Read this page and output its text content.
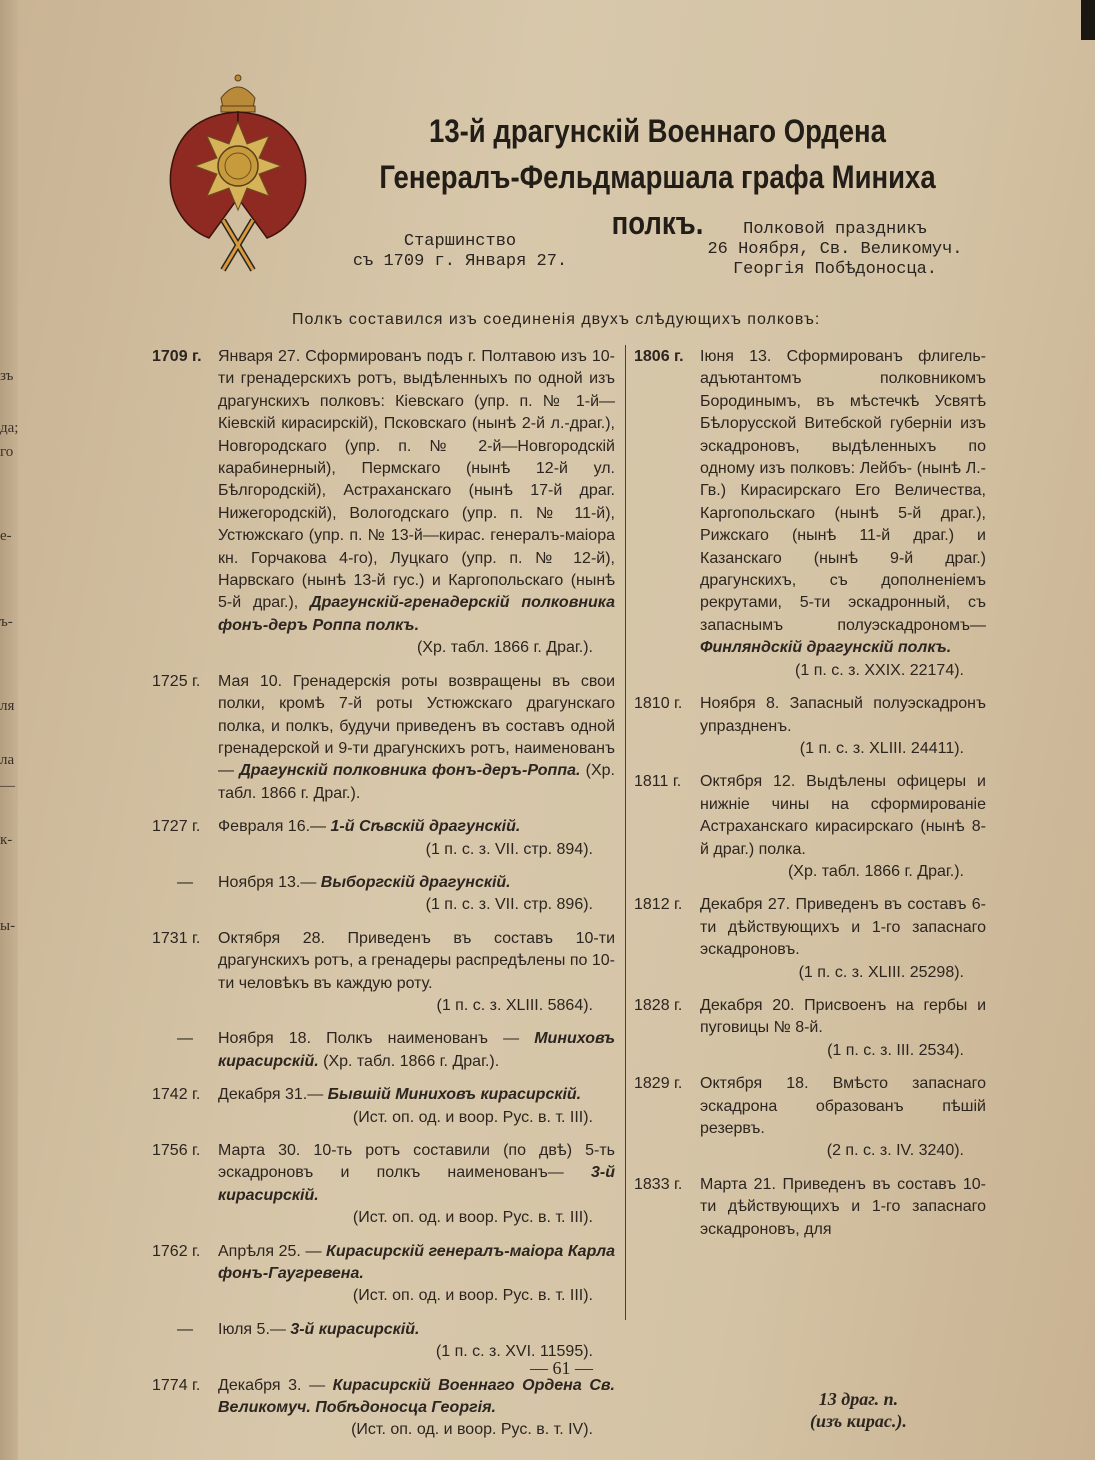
зъ
да;
го
е-
ъ-
ля
ла
—
к-
ы-
13-й драгунскій Военнаго Ордена Генералъ-Фельдмаршала графа Миниха полкъ.
Старшинство
съ 1709 г. Января 27.
Полковой праздникъ
26 Ноября, Св. Великомуч.
Георгія Побѣдоносца.
Полкъ составился изъ соединенія двухъ слѣдующихъ полковъ:
1709 г.	Января 27. Сформированъ подъ г. Полтавою изъ 10-ти гренадерскихъ ротъ, выдѣленныхъ по одной изъ драгунскихъ полковъ: Кіевскаго (упр. п. № 1-й—Кіевскій кирасирскій), Псковскаго (нынѣ 2-й л.-драг.), Новгородскаго (упр. п. № 2-й—Новгородскій карабинерный), Пермскаго (нынѣ 12-й ул. Бѣлгородскій), Астраханскаго (нынѣ 17-й драг. Нижегородскій), Вологодскаго (упр. п. № 11-й), Устюжскаго (упр. п. № 13-й—кирас. генералъ-маіора кн. Горчакова 4-го), Луцкаго (упр. п. № 12-й), Нарвскаго (нынѣ 13-й гус.) и Каргопольскаго (нынѣ 5-й драг.), Драгунскій-гренадерскій полковника фонъ-деръ Роппа полкъ.
(Хр. табл. 1866 г. Драг.).
1725 г.	Мая 10. Гренадерскія роты возвращены въ свои полки, кромѣ 7-й роты Устюжскаго драгунскаго полка, и полкъ, будучи приведенъ въ составъ одной гренадерской и 9-ти драгунскихъ ротъ, наименованъ — Драгунскій полковника фонъ-деръ-Роппа. (Хр. табл. 1866 г. Драг.).
1727 г.	Февраля 16.— 1-й Сѣвскій драгунскій.
(1 п. с. з. VII. стр. 894).
—	Ноября 13.— Выборгскій драгунскій.
(1 п. с. з. VII. стр. 896).
1731 г.	Октября 28. Приведенъ въ составъ 10-ти драгунскихъ ротъ, а гренадеры распредѣлены по 10-ти человѣкъ въ каждую роту.
(1 п. с. з. XLIII. 5864).
—	Ноября 18. Полкъ наименованъ — Миниховъ кирасирскій. (Хр. табл. 1866 г. Драг.).
1742 г.	Декабря 31.— Бывшій Миниховъ кирасирскій.
(Ист. оп. од. и воор. Рус. в. т. III).
1756 г.	Марта 30. 10-ть ротъ составили (по двѣ) 5-ть эскадроновъ и полкъ наименованъ— 3-й кирасирскій.
(Ист. оп. од. и воор. Рус. в. т. III).
1762 г.	Апрѣля 25. — Кирасирскій генералъ-маіора Карла фонъ-Гаугревена.
(Ист. оп. од. и воор. Рус. в. т. III).
—	Іюля 5.— 3-й кирасирскій.
(1 п. с. з. XVI. 11595).
1774 г.	Декабря 3. — Кирасирскій Военнаго Ордена Св. Великомуч. Побѣдоносца Георгія.
(Ист. оп. од. и воор. Рус. в. т. IV).
1806 г.	Іюня 13. Сформированъ флигель-адъютантомъ полковникомъ Бородинымъ, въ мѣстечкѣ Усвятѣ Бѣлорусской Витебской губерніи изъ эскадроновъ, выдѣленныхъ по одному изъ полковъ: Лейбъ- (нынѣ Л.-Гв.) Кирасирскаго Его Величества, Каргопольскаго (нынѣ 5-й драг.), Рижскаго (нынѣ 11-й драг.) и Казанскаго (нынѣ 9-й драг.) драгунскихъ, съ дополненіемъ рекрутами, 5-ти эскадронный, съ запаснымъ полуэскадрономъ— Финляндскій драгунскій полкъ.
(1 п. с. з. XXIX. 22174).
1810 г.	Ноября 8. Запасный полуэскадронъ упраздненъ.
(1 п. с. з. XLIII. 24411).
1811 г.	Октября 12. Выдѣлены офицеры и нижніе чины на сформированіе Астраханскаго кирасирскаго (нынѣ 8-й драг.) полка.
(Хр. табл. 1866 г. Драг.).
1812 г.	Декабря 27. Приведенъ въ составъ 6-ти дѣйствующихъ и 1-го запаснаго эскадроновъ.
(1 п. с. з. XLIII. 25298).
1828 г.	Декабря 20. Присвоенъ на гербы и пуговицы № 8-й.
(1 п. с. з. III. 2534).
1829 г.	Октября 18. Вмѣсто запаснаго эскадрона образованъ пѣшій резервъ.
(2 п. с. з. IV. 3240).
1833 г.	Марта 21. Приведенъ въ составъ 10-ти дѣйствующихъ и 1-го запаснаго эскадроновъ, для
— 61 —
13 драг. п.
(изъ кирас.).
